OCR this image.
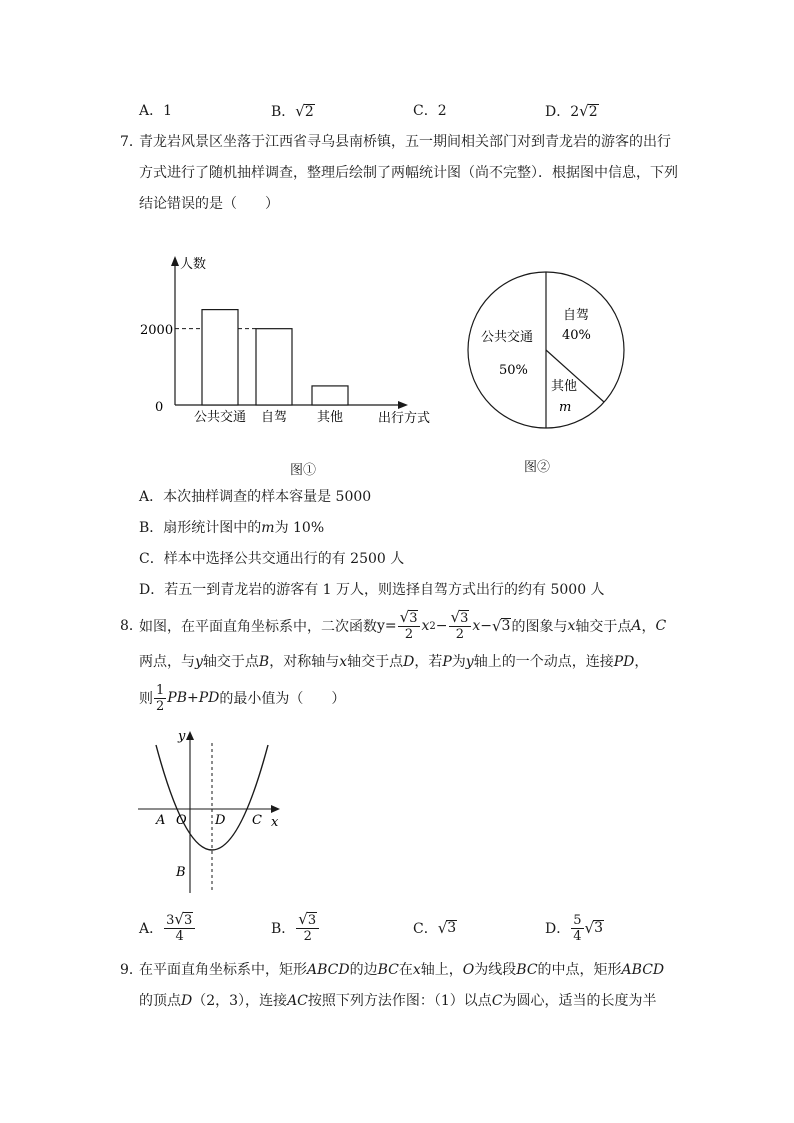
A．1	B．√2	C．2	D．2√2
7．
青龙岩风景区坐落于江西省寻乌县南桥镇，五一期间相关部门对到青龙岩的游客的出行
方式进行了随机抽样调查，整理后绘制了两幅统计图（尚不完整）．根据图中信息，下列
结论错误的是（　　）
人数
出行方式
2000
0
公共交通 自驾 其他
图①
公共交通
50%
自驾
40%
其他
m
图②
A．本次抽样调查的样本容量是 5000
B．扇形统计图中的m为 10%
C．样本中选择公共交通出行的有 2500 人
D．若五一到青龙岩的游客有 1 万人，则选择自驾方式出行的约有 5000 人
8．
如图，在平面直角坐标系中，二次函数 $y= \frac{√3}{2}$ x $2 - \frac{√3}{2}$ x − √ 3 的图象与 x 轴交于点 A ， C
两点，与y轴交于点B，对称轴与x轴交于点D，若P为y轴上的一个动点，连接PD，
则 $\frac{1}{2} PB+PD$ 的最小值为（　　）
y
x
A O D C
B
A． $\frac{3√3}{4}$	B． $\frac{√3}{2}$	C． √ 3	D． $\frac{5}{4}$ √ 3
9．
在平面直角坐标系中，矩形ABCD的边BC在x轴上，O为线段BC的中点，矩形ABCD
的顶点D（2，3），连接AC按照下列方法作图：（1）以点C为圆心，适当的长度为半
